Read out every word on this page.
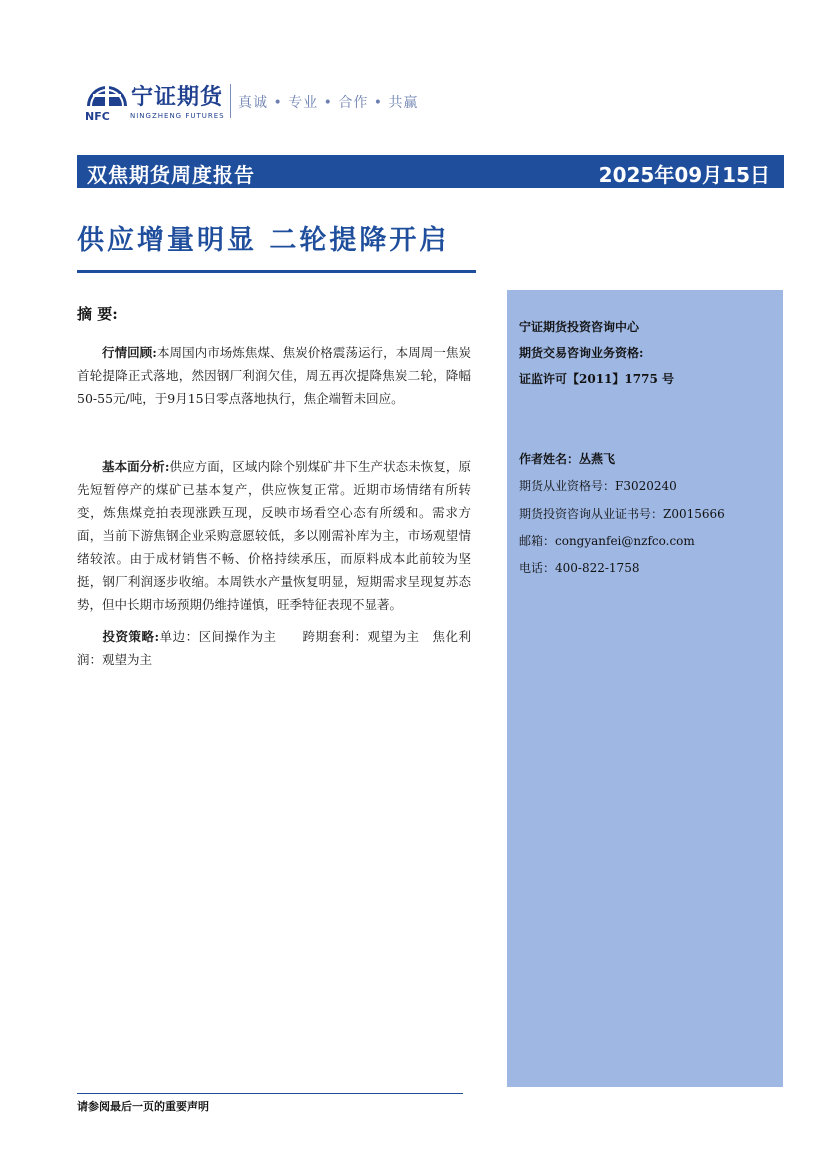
宁证期货
NFC	NINGZHENG FUTURES
真诚 • 专业 • 合作 • 共赢
双焦期货周度报告	2025年09月15日
供应增量明显 二轮提降开启
摘 要:
行情回顾:本周国内市场炼焦煤、焦炭价格震荡运行，本周周一焦炭首轮提降正式落地，然因钢厂利润欠佳，周五再次提降焦炭二轮，降幅50-55元/吨，于9月15日零点落地执行，焦企端暂未回应。
基本面分析:供应方面，区域内除个别煤矿井下生产状态未恢复，原先短暂停产的煤矿已基本复产，供应恢复正常。近期市场情绪有所转变，炼焦煤竞拍表现涨跌互现，反映市场看空心态有所缓和。需求方面，当前下游焦钢企业采购意愿较低，多以刚需补库为主，市场观望情绪较浓。由于成材销售不畅、价格持续承压，而原料成本此前较为坚挺，钢厂利润逐步收缩。本周铁水产量恢复明显，短期需求呈现复苏态势，但中长期市场预期仍维持谨慎，旺季特征表现不显著。
投资策略:单边：区间操作为主　　跨期套利：观望为主　焦化利润：观望为主
宁证期货投资咨询中心
期货交易咨询业务资格:
证监许可【2011】1775 号
作者姓名：丛燕飞
期货从业资格号：F3020240
期货投资咨询从业证书号：Z0015666
邮箱：congyanfei@nzfco.com
电话：400-822-1758
请参阅最后一页的重要声明
